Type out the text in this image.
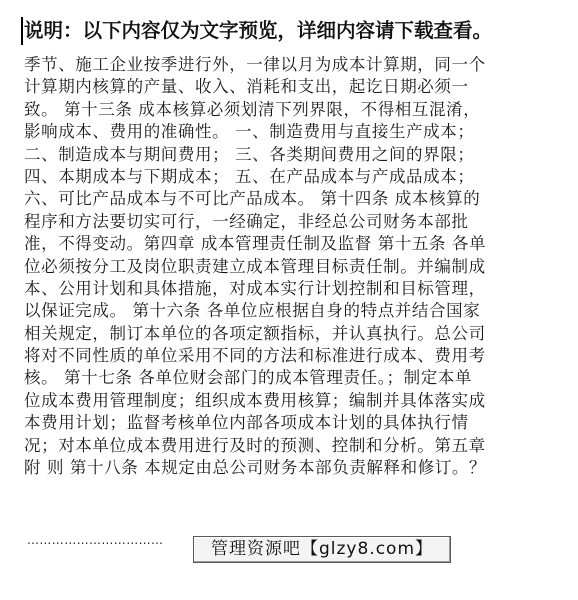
说明：以下内容仅为文字预览，详细内容请下载查看。
季节、施工企业按季进行外，一律以月为成本计算期，同一个
计算期内核算的产量、收入、消耗和支出，起讫日期必须一
致。 第十三条 成本核算必须划清下列界限，不得相互混淆，
影响成本、费用的准确性。 一、制造费用与直接生产成本；
二、制造成本与期间费用； 三、各类期间费用之间的界限；
四、本期成本与下期成本； 五、在产品成本与产成品成本；
六、可比产品成本与不可比产品成本。 第十四条 成本核算的
程序和方法要切实可行，一经确定，非经总公司财务本部批
准，不得变动。第四章 成本管理责任制及监督 第十五条 各单
位必须按分工及岗位职责建立成本管理目标责任制。并编制成
本、公用计划和具体措施，对成本实行计划控制和目标管理，
以保证完成。 第十六条 各单位应根据自身的特点并结合国家
相关规定，制订本单位的各项定额指标，并认真执行。总公司
将对不同性质的单位采用不同的方法和标准进行成本、费用考
核。 第十七条 各单位财会部门的成本管理责任。；制定本单
位成本费用管理制度；组织成本费用核算；编制并具体落实成
本费用计划；监督考核单位内部各项成本计划的具体执行情
况；对本单位成本费用进行及时的预测、控制和分析。第五章
附 则 第十八条 本规定由总公司财务本部负责解释和修订。？
……………………………	管理资源吧【glzy8.com】
